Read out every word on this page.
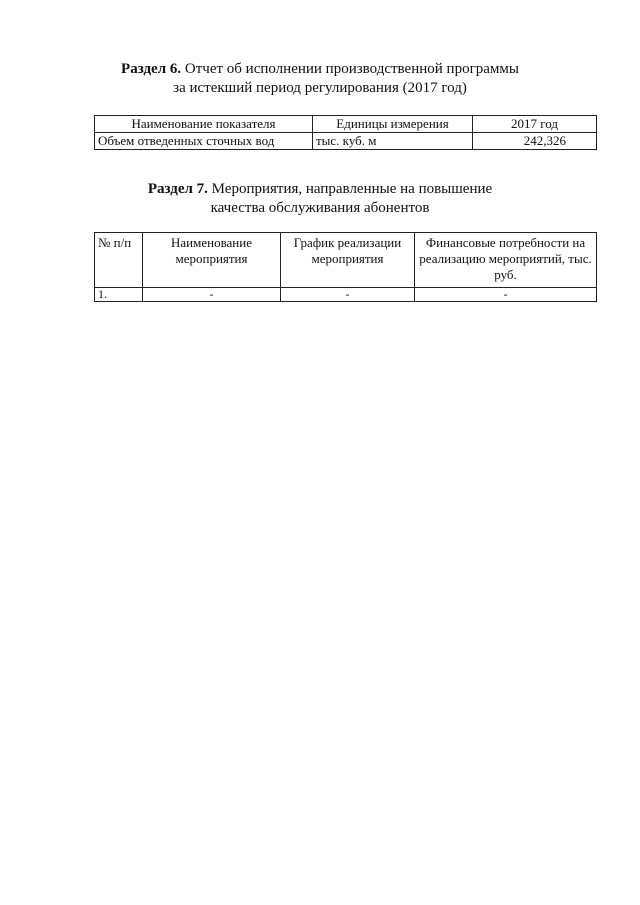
Раздел 6. Отчет об исполнении производственной программы
за истекший период регулирования (2017 год)
Наименование показателя	Единицы измерения	2017 год
Объем отведенных сточных вод	тыс. куб. м	242,326
Раздел 7. Мероприятия, направленные на повышение
качества обслуживания абонентов
№ п/п	Наименование мероприятия	График реализации мероприятия	Финансовые потребности на реализацию мероприятий, тыс. руб.
1.	-	-	-
